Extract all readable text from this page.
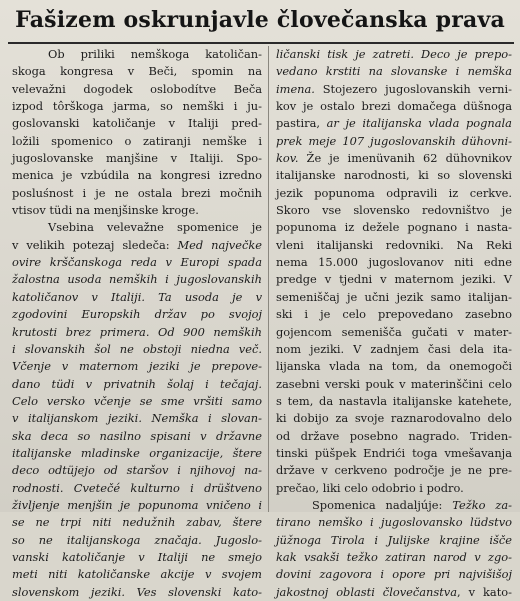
Fašizem oskrunjavle človečanska prava
Ob priliki nemškoga katoličan-
skoga kongresa v Beči, spomin na
velevažni dogodek oslobodítve Beča
izpod tôrškoga jarma, so nemški i ju-
goslovanski katoličanje v Italiji pred-
ložili spomenico o zatiranji nemške i
jugoslovanske manjšine v Italiji. Spo-
menica je vzbúdila na kongresi izredno
posluśnost i je ne ostala brezi močnih
vtisov tüdi na menjšinske kroge.
Vsebina velevažne spomenice je
v velikih potezaj sledeča: Med največke
ovire krščanskoga reda v Europi spada
žalostna usoda nemških i jugoslovanskih
katoličanov v Italiji. Ta usoda je v
zgodovini Europskih držav po svojoj
krutosti brez primera. Od 900 nemških
i slovanskih šol ne obstoji niedna več.
Včenje v maternom jeziki je prepove-
dano tüdi v privatnih šolaj i tečajaj.
Celo versko včenje se sme vršiti samo
v italijanskom jeziki. Nemška i slovan-
ska deca so nasilno spisani v državne
italijanske mladinske organizacije, štere
deco odtüjejo od staršov i njihovoj na-
rodnosti. Cvetečé kulturno i drüštveno
življenje menjšin je popunoma vničeno i
se ne trpi niti nedužnih zabav, štere
so ne italijanskoga značaja. Jugoslo-
vanski katoličanje v Italiji ne smejo
meti niti katoličanske akcije v svojem
slovenskom jeziki. Ves slovenski kato-
ličanski tisk je zatreti. Deco je prepo-
vedano krstiti na slovanske i nemška
imena. Stojezero jugoslovanskih verni-
kov je ostalo brezi domačega düšnoga
pastira, ar je italijanska vlada pognala
prek meje 107 jugoslovanskih dühovni-
kov. Že je imenüvanih 62 dühovnikov
italijanske narodnosti, ki so slovenski
jezik popunoma odpravili iz cerkve.
Skoro vse slovensko redovništvo je
popunoma iz dežele pognano i nasta-
vleni italijanski redovniki. Na Reki
nema 15.000 jugoslovanov niti edne
predge v tjedni v maternom jeziki. V
semeniščaj je učni jezik samo italijan-
ski i je celo prepovedano zasebno
gojencom semenišča gučati v mater-
nom jeziki. V zadnjem časi dela ita-
lijanska vlada na tom, da onemogoči
zasebni verski pouk v materinščini celo
s tem, da nastavla italijanske katehete,
ki dobijo za svoje raznarodovalno delo
od države posebno nagrado. Triden-
tinski püšpek Endrići toga vmešavanja
države v cerkveno področje je ne pre-
prečao, liki celo odobrio i podro.
Spomenica nadaljúje: Težko za-
tirano nemško i jugoslovansko lüdstvo
jüžnoga Tirola i Julijske krajine išče
kak vsakši težko zatiran narod v zgo-
dovini zagovora i opore pri najvišišoj
jakostnoj oblasti človečanstva, v kato-
